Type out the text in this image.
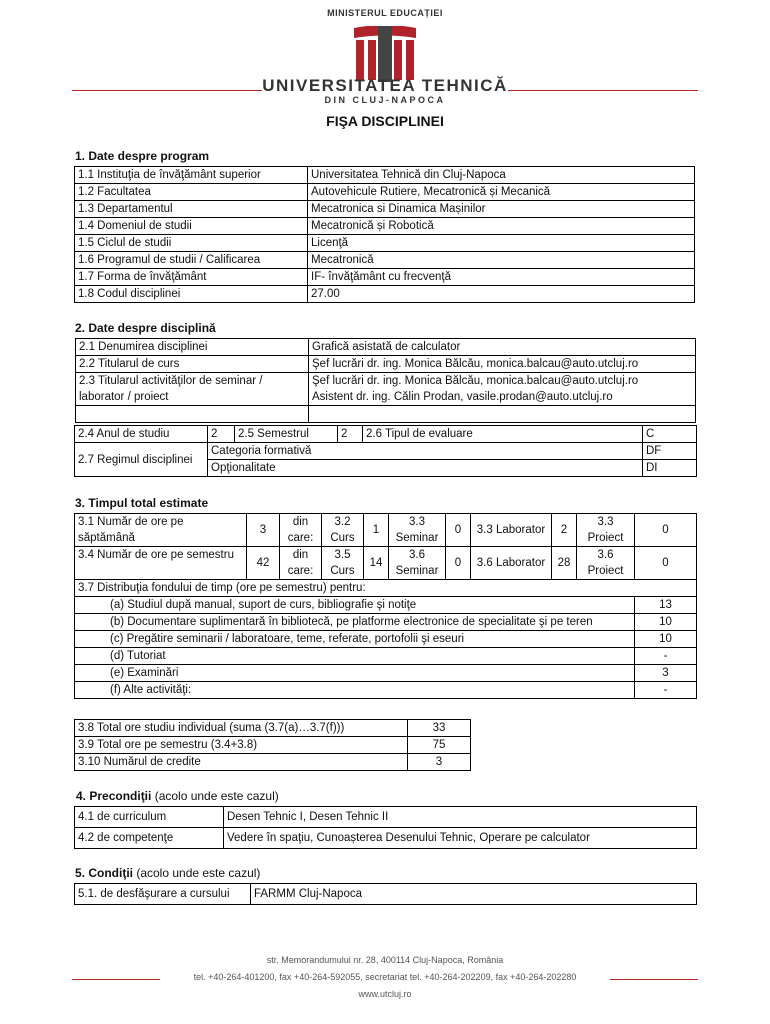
MINISTERUL EDUCAȚIEI
UNIVERSITATEA TEHNICĂ
DIN CLUJ-NAPOCA
FIŞA DISCIPLINEI
1. Date despre program
1.1 Instituţia de învăţământ superior	Universitatea Tehnică din Cluj-Napoca
1.2 Facultatea	Autovehicule Rutiere, Mecatronică și Mecanică
1.3 Departamentul	Mecatronica si Dinamica Mașinilor
1.4 Domeniul de studii	Mecatronică și Robotică
1.5 Ciclul de studii	Licenţă
1.6 Programul de studii / Calificarea	Mecatronică
1.7 Forma de învăţământ	IF- învăţământ cu frecvenţă
1.8 Codul disciplinei	27.00
2. Date despre disciplină
2.1 Denumirea disciplinei	Grafică asistată de calculator
2.2 Titularul de curs	Şef lucrări dr. ing. Monica Bălcău, monica.balcau@auto.utcluj.ro
2.3 Titularul activităţilor de seminar / laborator / proiect	Şef lucrări dr. ing. Monica Bălcău, monica.balcau@auto.utcluj.ro
Asistent dr. ing. Călin Prodan, vasile.prodan@auto.utcluj.ro

2.4 Anul de studiu	2	2.5 Semestrul	2	2.6 Tipul de evaluare	C
2.7 Regimul disciplinei	Categoria formativă				DF
	Opţionalitate				DI
3. Timpul total estimate
3.1 Număr de ore pe săptămână	3	din care:	3.2 Curs	1	3.3 Seminar	0	3.3 Laborator	2	3.3 Proiect	0
3.4 Număr de ore pe semestru	42	din care:	3.5 Curs	14	3.6 Seminar	0	3.6 Laborator	28	3.6 Proiect	0
3.7 Distribuţia fondului de timp (ore pe semestru) pentru:										
(a) Studiul după manual, suport de curs, bibliografie şi notiţe										13
(b) Documentare suplimentară în bibliotecă, pe platforme electronice de specialitate şi pe teren										10
(c) Pregătire seminarii / laboratoare, teme, referate, portofolii şi eseuri										10
(d) Tutoriat										-
(e) Examinări										3
(f) Alte activităţi:										-
3.8 Total ore studiu individual (suma (3.7(a)…3.7(f)))	33
3.9 Total ore pe semestru (3.4+3.8)	75
3.10 Numărul de credite	3
4. Precondiţii (acolo unde este cazul)
4.1 de curriculum	Desen Tehnic I, Desen Tehnic II
4.2 de competenţe	Vedere în spaţiu, Cunoașterea Desenului Tehnic, Operare pe calculator
5. Condiţii (acolo unde este cazul)
5.1. de desfăşurare a cursului	FARMM Cluj-Napoca
str. Memorandumului nr. 28, 400114 Cluj-Napoca, România
tel. +40-264-401200, fax +40-264-592055, secretariat tel. +40-264-202209, fax +40-264-202280
www.utcluj.ro
